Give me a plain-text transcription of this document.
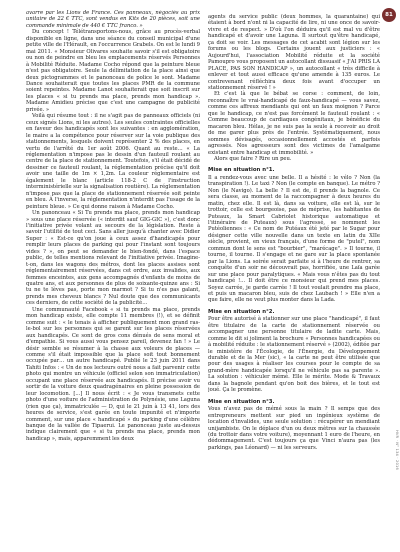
avarre par les Lions de France. Ces panneaux, négociés au prix unitaire de 22 € TTC, sont vendus en Kits de 20 pièces, soit une commande minimale de 440 € TTC franco. »

Du concept ! Télétransportons-nous, grâce au procès-verbal disponible en ligne, dans une séance du conseil municipal d'une petite ville de l'Hérault, en l'occurrence Grabels. On est le lundi 9 mai 2011. « Monsieur Olivares souhaite savoir s'il est obligatoire ou non de peindre en bleu les emplacements réservés Personnes à Mobilité Réduite. Madame Cocho répond que la peinture bleue n'est pas obligatoire. Seule la délimitation de la place ainsi que deux pictogrammes et le panonceau de police le sont. Madame Dance souhaiterait que toutes les places PMR de la commune soient repeintes. Madame Lanot souhaiterait que soit inscrit sur les places « si tu prends ma place, prends mon handicap ». Madame Amidieu précise que c'est une campagne de publicité privée. »

Voilà qui résume tout : il ne s'agit pas de panneaux officiels (ni ceux signés Lions, ni les autres). Les seules contraintes officielles en faveur des handicapés sont les suivantes : en agglomération, le maire a la compétence pour réserver sur la voie publique des stationnements, lesquels doivent représenter 2 % des places, en vertu de l'arrêté du 1er août 2006. Quant au reste… « La réglementation n'impose pas le dessin d'un fauteuil roulant au centre de la place de stationnement. Toutefois, s'il était décidé de dessiner ce fauteuil roulant, la réglementation précise qu'il doit avoir une taille de 1m × 1,2m. La couleur réglementaire est également le blanc (article 118-2 C de l'instruction interministérielle sur la signalisation routière). La réglementation n'impose pas que la place de stationnement réservée soit peinte en bleu. À l'inverse, la réglementation n'interdit pas l'usage de la peinture bleue. » Ce qui donne raison à Madame Cocho.

Un panonceau « Si Tu prends ma place, prends mon handicap » sous une place réservée (« interdit sauf GIG-GIC »), c'est donc l'initiative privée volant au secours de la législation. Reste à savoir l'utilité de tout ceci. Sans aller jusqu'à chanter avec Didier Super : « Est-ce qu'on joue à ceux assez d'handicapés pour remplir leurs places de parking qui pour l'instant sont toujours vides ? », on peut se demander le bien-fondé, dans l'espace public, de telles mentions relevant de l'initiative privée. Imagine-t-on, dans les wagons des métros, dont les places assises sont réglementairement réservées, dans cet ordre, aux invalides, aux femmes enceintes, aux gens accompagnés d'enfants de moins de quatre ans, et aux personnes de plus de soixante-quinze ans : Si tu ne te lèves pas, porte mon marmot ? Si tu n'es pas galant, prends mes cheveux blancs ? Nul doute que des communicants ces derniers, de cette société de la publicité…

Une communauté Facebook « si tu prends ma place, prends mon handicap existe, elle compte 11 membres (!), et se définit comme suit : « le tenais à afficher publiquement mon grand ras-le-bol sur les personnes qui se garent sur les places réservées aux handicapés. Ce sont de gros cons dénués de sens moral et d'empathie. Si vous aussi vous pensez pareil, devenez fan ! » Le désir semble se résumer à la chasse aux voleurs de places — comme s'il était impossible que la place soit tout bonnement occupée par… un autre handicapé. Publié le 23 juin 2011 dans Tahiti Infos : « Un de nos lecteurs outré nous a fait parvenir cette photo qui montre un véhicule (officiel selon son immatriculation) occupant une place réservée aux handicapés. Il précise avoir vu sortir de la voiture deux quadragénaires en pleine possession de leur locomotion. [...] Il nous écrit : « Je vous transmets cette photo d'une voiture de l'administration de Polynésie, une Laguna (rien que ça), immatriculée — D, qui le 21 juin à 13 41, lors des heures de service, s'est garée en toute impunité et n'importe comment, sur une place « handicapé » du parking d'une célèbre banque de la vallée de Tipaerui. Le panonceau juste au-dessus indique clairement que « si tu prends ma place, prends mon handicap », mais, apparemment les deux

agents du service public (deux hommes, la quarantaine) qui étaient à bord n'ont ni la capacité de lire, ni une once de savoir-vivre et de respect. » D'où l'on déduira qu'il est mal vu d'être handicapé et d'avoir une Laguna. Il surtout qu'être handicapé, ça doit se voir. Les messages de cet acabit sont légion sur les forums ou les blogs. Certains jouent aux justiciers : « Aujourd'hui, l'association Mobilité réduite et la société Pamoupro vous proposent un autocollant dissuasif « J'AI PRIS LA PLACE, PAS SON HANDICAP », un autocollant « très difficile à enlever et tout aussi efficace qu'une amende à 135 euros. Le contrevenant réfléchira deux fois avant d'occuper un stationnement réservé ! »

Et c'est là que le bébat se corse : comment, de loin, reconnaître le vrai-handicapé de faux-handicapé — vous savez, comme ces affreux mendiants qui ont un faux moignon ? Parce que le handicap, ce n'est pas forcément le fauteuil roulant : « Comme beaucoup de cardiaques congénitaux, je bénéficie du macaron bleu. Hélas, je ne suis pas la seule à recevoir au droit de me garer plus près de l'entrée. Systématiquement, nous sommes dévisagés, occasionnellement accostés et parfois agressés. Nos agresseurs sont des victimes de l'amalgame existant entre handicap et immobilité. »

Alors que faire ? Rire un peu.

Mise en situation n°1.

Il a rendez-vous avec une belle. Il a hésité : le vélo ? Non (la transpiration !). Le taxi ? Non (le compte en banque). Le métro ? Non (le Navigo). La belle ? Il est de, il prends la bagnole. Ce sera classe, au moment de la raccompagner à deux heures du matin, chez elle. Il est là, dans sa voiture, elle est là, sur le trottoir, celle est bourgeoise, pas de méprise, les habitantes de Puteaux, la Smart Cabriolet historique automatique et l'itinéraire de Puteaux) sous l'agressé, se nomment les Putéoliennes : « Ce nom de Putéaux été jeté par le Sugar pour désigner cette ville nouvelle dans un texte en latin du XIIe siècle, provient, en vieux français, d'une forme de "putel", nom commun dont le sens est "bourbier", "marécage". » Il tourne, il tourne, il tourne. Il s'engage et ne gare sur la place spontanée par la Lions. La soirée serait parfaite si à l'heure de rentrer, sa conquête d'un soir ne découvrait pas, horrifiée, une Laïa garée sur une place pour paralytiques. « Mais vous n'êtes pas du tout handicapé !… Il doit être ce monsieur qui prend mes places. Soyez carrée, je garde carrée ! Il tout voulait prendre ma place, et puis un macaron bleu, suis de chez Laubach ! » Elle n'en a que faire, elle ne veut plus monter dans la Lada.

Mise en situation n°2.

Pour être autorisé à stationner sur une place "handicapé", il faut être titulaire de la carte de stationnement réservée ou accompagner une personne titulaire de ladite carte. Mais, comme le dit si joliment la brochure « Personnes handicapées ou à mobilité réduite : le stationnement réservé » (2002), éditée par le ministère de l'Écologie, de l'Énergie, du Développement durable et de la Mer (sic), « la carte ne peut être utilisée que pour des usages à réaliser les courses pour le compte de sa grand-mère handicapée lorsqu'il ne véhicule pas sa parente ». La solution : véhiculer mémé. Elle le mérite. Mode & Travaux dans la bagnole pendant qu'on boit des bières, et le tout est joué. Ça le promène.

Mise en situation n°3.

Vous n'avez pas de mémé sous la main ? Il semps que des entrepreneurs mettent sur pied un ingénieux système de location d'invalides, une seule solution : récupérer un mendiant unijambiste. On le déplace d'un ou deux mètres sur la chaussée (du trottoir dans votre voiture), moyennant 1 euro de l'heure, en dédommagement. C'est toujours ça que Vinci n'aura pas (les parkings, pas Léonard) — ni les serveurs.

81
HVR · N° 134 · 2016
